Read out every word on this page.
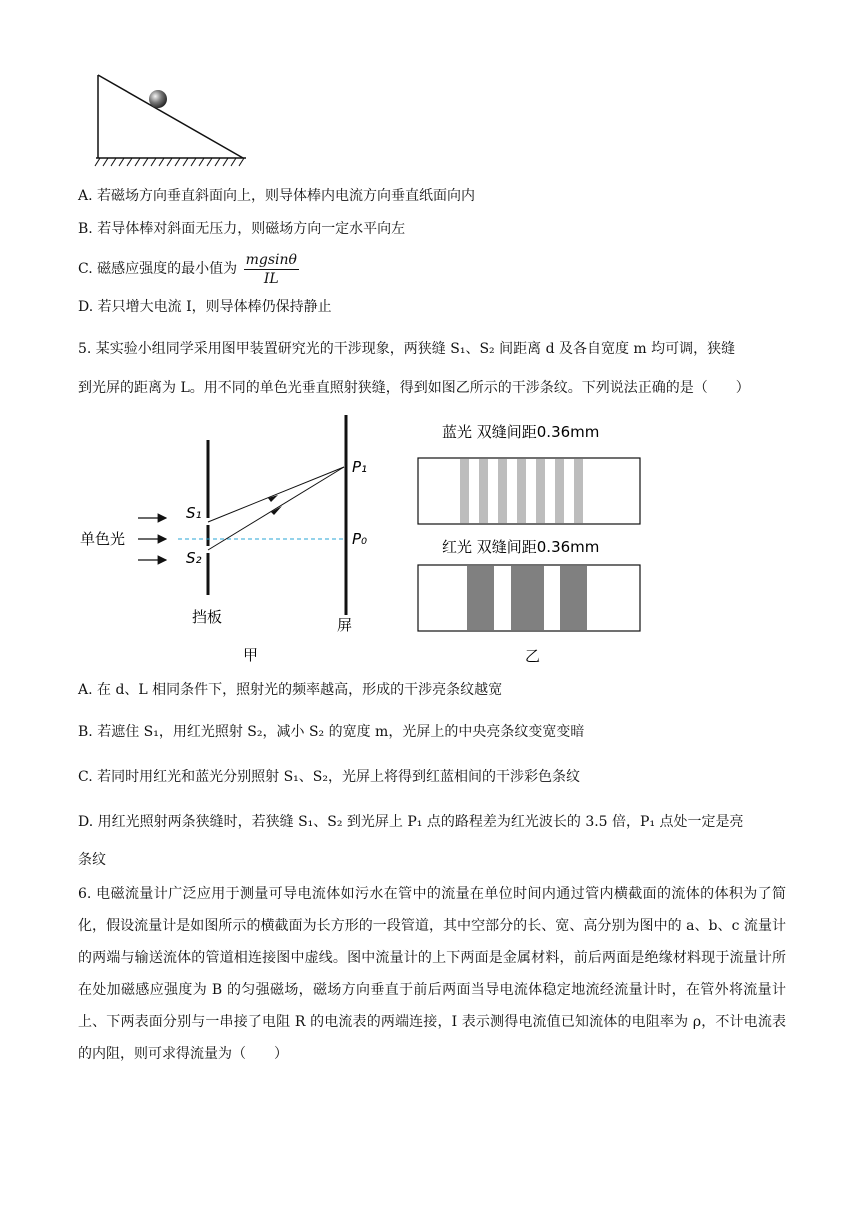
A. 若磁场方向垂直斜面向上，则导体棒内电流方向垂直纸面向内
B. 若导体棒对斜面无压力，则磁场方向一定水平向左
C. 磁感应强度的最小值为 $\frac{mgsin\theta}{IL}$
D. 若只增大电流 I，则导体棒仍保持静止
5. 某实验小组同学采用图甲装置研究光的干涉现象，两狭缝 S₁、S₂ 间距离 d 及各自宽度 m 均可调，狭缝
到光屏的距离为 L。用不同的单色光垂直照射狭缝，得到如图乙所示的干涉条纹。下列说法正确的是（　　）
单色光
S₁
S₂
P₁
P₀
挡板	屏
甲
蓝光 双缝间距0.36mm
红光 双缝间距0.36mm
乙
A. 在 d、L 相同条件下，照射光的频率越高，形成的干涉亮条纹越宽
B. 若遮住 S₁，用红光照射 S₂，减小 S₂ 的宽度 m，光屏上的中央亮条纹变宽变暗
C. 若同时用红光和蓝光分别照射 S₁、S₂，光屏上将得到红蓝相间的干涉彩色条纹
D. 用红光照射两条狭缝时，若狭缝 S₁、S₂ 到光屏上 P₁ 点的路程差为红光波长的 3.5 倍，P₁ 点处一定是亮
条纹
6. 电磁流量计广泛应用于测量可导电流体如污水在管中的流量在单位时间内通过管内横截面的流体的体积为了简化，假设流量计是如图所示的横截面为长方形的一段管道，其中空部分的长、宽、高分别为图中的 a、b、c 流量计的两端与输送流体的管道相连接图中虚线。图中流量计的上下两面是金属材料，前后两面是绝缘材料现于流量计所在处加磁感应强度为 B 的匀强磁场，磁场方向垂直于前后两面当导电流体稳定地流经流量计时，在管外将流量计上、下两表面分别与一串接了电阻 R 的电流表的两端连接，I 表示测得电流值已知流体的电阻率为 ρ，不计电流表的内阻，则可求得流量为（　　）
